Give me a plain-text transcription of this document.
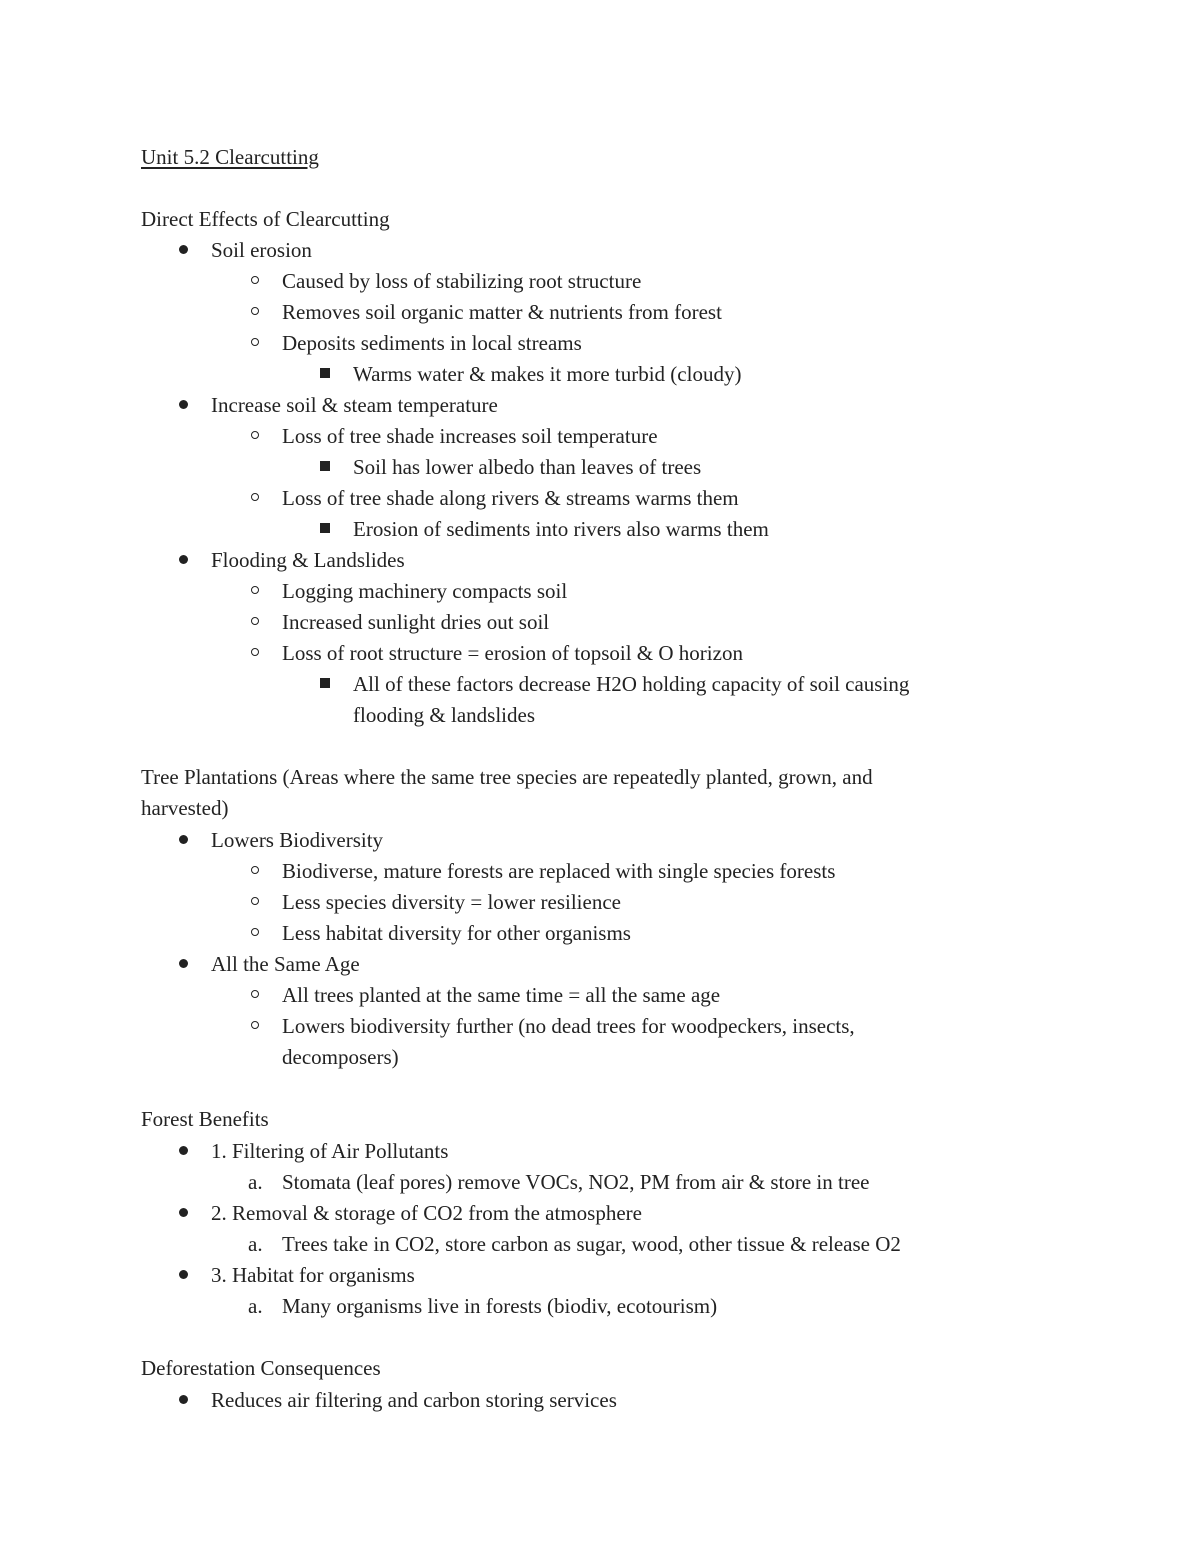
Unit 5.2 Clearcutting
Direct Effects of Clearcutting
Soil erosion
Caused by loss of stabilizing root structure
Removes soil organic matter & nutrients from forest
Deposits sediments in local streams
Warms water & makes it more turbid (cloudy)
Increase soil & steam temperature
Loss of tree shade increases soil temperature
Soil has lower albedo than leaves of trees
Loss of tree shade along rivers & streams warms them
Erosion of sediments into rivers also warms them
Flooding & Landslides
Logging machinery compacts soil
Increased sunlight dries out soil
Loss of root structure = erosion of topsoil & O horizon
All of these factors decrease H2O holding capacity of soil causing
flooding & landslides
Tree Plantations (Areas where the same tree species are repeatedly planted, grown, and
harvested)
Lowers Biodiversity
Biodiverse, mature forests are replaced with single species forests
Less species diversity = lower resilience
Less habitat diversity for other organisms
All the Same Age
All trees planted at the same time = all the same age
Lowers biodiversity further (no dead trees for woodpeckers, insects,
decomposers)
Forest Benefits
1. Filtering of Air Pollutants
a. Stomata (leaf pores) remove VOCs, NO2, PM from air & store in tree
2. Removal & storage of CO2 from the atmosphere
a. Trees take in CO2, store carbon as sugar, wood, other tissue & release O2
3. Habitat for organisms
a. Many organisms live in forests (biodiv, ecotourism)
Deforestation Consequences
Reduces air filtering and carbon storing services
